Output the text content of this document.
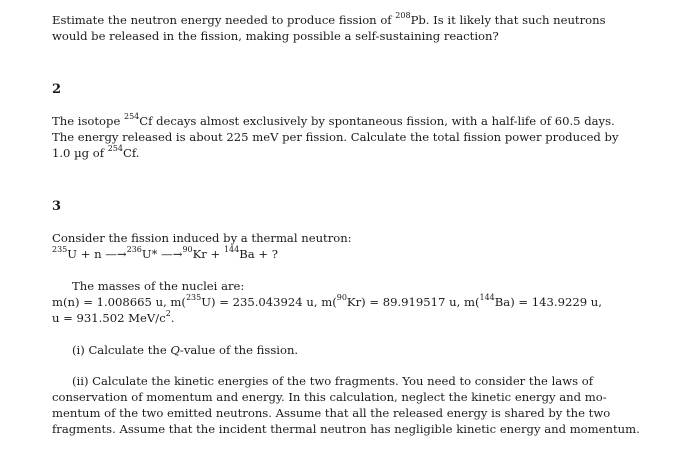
Estimate the neutron energy needed to produce fission of $^{208}$Pb. Is it likely that such neutrons
would be released in the fission, making possible a self-sustaining reaction?
2
The isotope $^{254}$Cf decays almost exclusively by spontaneous fission, with a half-life of 60.5 days.
The energy released is about 225 meV per fission. Calculate the total fission power produced by
1.0 µg of $^{254}$Cf.
3
Consider the fission induced by a thermal neutron:
$^{235}$U + n —→$^{236}$U* —→$^{90}$Kr + $^{144}$Ba + ?
The masses of the nuclei are:
m(n) = 1.008665 u, m($^{235}$U) = 235.043924 u, m($^{90}$Kr) = 89.919517 u, m($^{144}$Ba) = 143.9229 u,
u = 931.502 MeV/$c^2$.
(i) Calculate the Q-value of the fission.
(ii) Calculate the kinetic energies of the two fragments. You need to consider the laws of
conservation of momentum and energy. In this calculation, neglect the kinetic energy and mo-
mentum of the two emitted neutrons. Assume that all the released energy is shared by the two
fragments. Assume that the incident thermal neutron has negligible kinetic energy and momentum.
